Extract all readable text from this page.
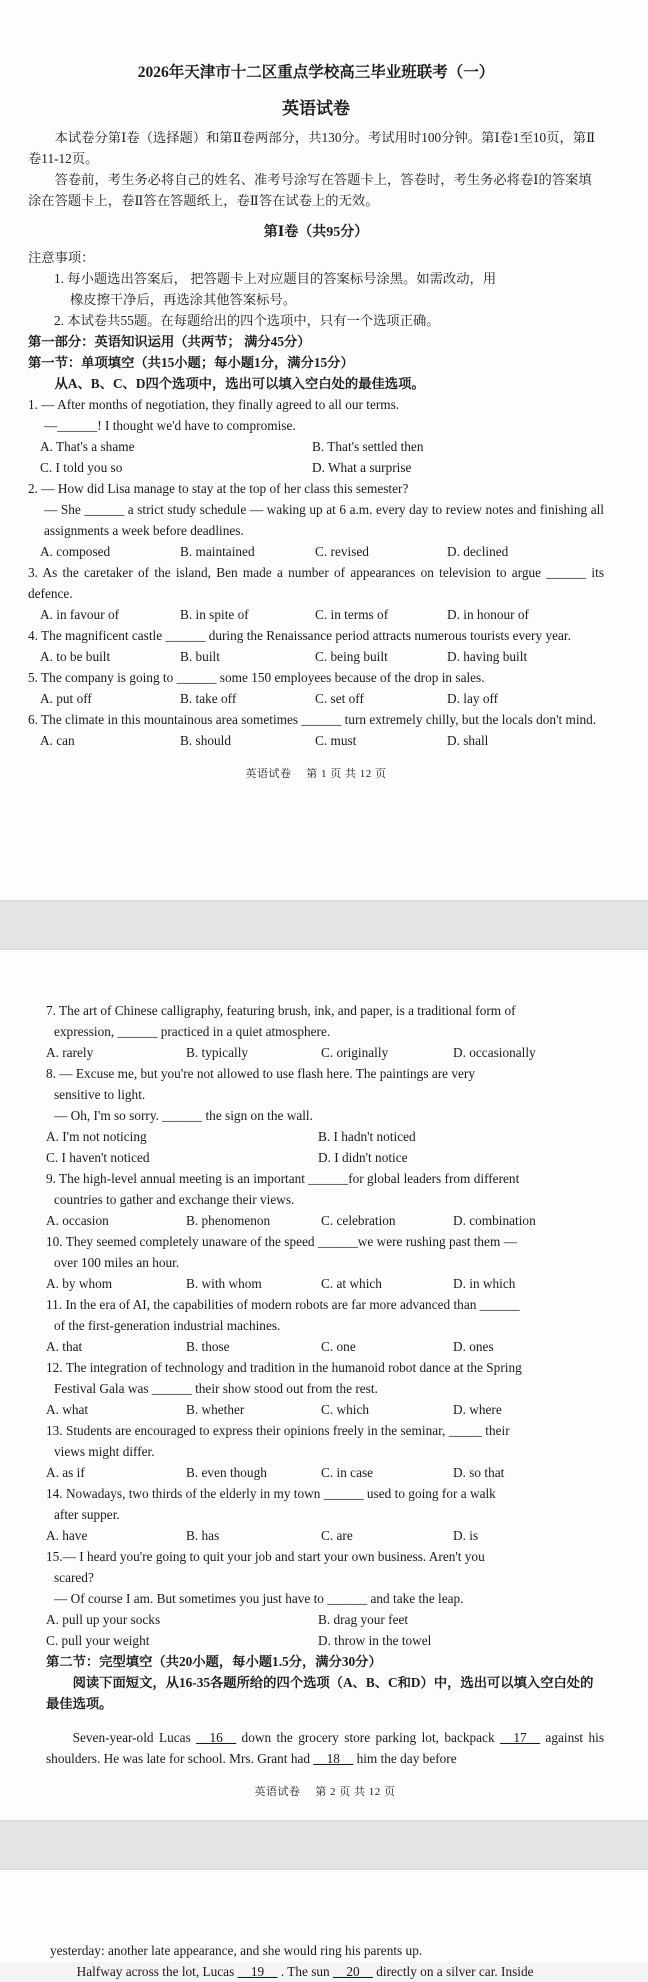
2026年天津市十二区重点学校高三毕业班联考（一）
英语试卷

本试卷分第Ⅰ卷（选择题）和第Ⅱ卷两部分，共130分。考试用时100分钟。第Ⅰ卷1至10页，第Ⅱ卷11-12页。

答卷前，考生务必将自己的姓名、准考号涂写在答题卡上，答卷时，考生务必将卷Ⅰ的答案填涂在答题卡上，卷Ⅱ答在答题纸上，卷Ⅱ答在试卷上的无效。

第Ⅰ卷（共95分）
注意事项：
1. 每小题选出答案后， 把答题卡上对应题目的答案标号涂黑。如需改动，用
橡皮擦干净后，再选涂其他答案标号。
2. 本试卷共55题。在每题给出的四个选项中，只有一个选项正确。
第一部分：英语知识运用（共两节； 满分45分）
第一节：单项填空（共15小题；每小题1分，满分15分）
从A、B、C、D四个选项中，选出可以填入空白处的最佳选项。

1. — After months of negotiation, they finally agreed to all our terms.

—______! I thought we'd have to compromise.

A. That's a shame	B. That's settled then
C. I told you so	D. What a surprise

2. — How did Lisa manage to stay at the top of her class this semester?

— She ______ a strict study schedule — waking up at 6 a.m. every day to review notes and finishing all assignments a week before deadlines.

A. composed	B. maintained	C. revised	D. declined

3. As the caretaker of the island, Ben made a number of appearances on television to argue ______ its defence.

A. in favour of	B. in spite of	C. in terms of	D. in honour of

4. The magnificent castle ______ during the Renaissance period attracts numerous tourists every year.

A. to be built	B. built	C. being built	D. having built

5. The company is going to ______ some 150 employees because of the drop in sales.

A. put off	B. take off	C. set off	D. lay off

6. The climate in this mountainous area sometimes ______ turn extremely chilly, but the locals don't mind.

A. can	B. should	C. must	D. shall
英语试卷　 第 1 页 共 12 页

7. The art of Chinese calligraphy, featuring brush, ink, and paper, is a traditional form of

expression, ______ practiced in a quiet atmosphere.

A. rarely	B. typically	C. originally	D. occasionally

8. — Excuse me, but you're not allowed to use flash here. The paintings are very

sensitive to light.

— Oh, I'm so sorry. ______ the sign on the wall.

A. I'm not noticing	B. I hadn't noticed
C. I haven't noticed	D. I didn't notice

9. The high-level annual meeting is an important ______for global leaders from different

countries to gather and exchange their views.

A. occasion	B. phenomenon	C. celebration	D. combination

10. They seemed completely unaware of the speed ______we were rushing past them —

over 100 miles an hour.

A. by whom	B. with whom	C. at which	D. in which

11. In the era of AI, the capabilities of modern robots are far more advanced than ______

of the first-generation industrial machines.

A. that	B. those	C. one	D. ones

12. The integration of technology and tradition in the humanoid robot dance at the Spring

Festival Gala was ______ their show stood out from the rest.

A. what	B. whether	C. which	D. where

13. Students are encouraged to express their opinions freely in the seminar, _____ their

views might differ.

A. as if	B. even though	C. in case	D. so that

14. Nowadays, two thirds of the elderly in my town ______ used to going for a walk

after supper.

A. have	B. has	C. are	D. is

15.— I heard you're going to quit your job and start your own business. Aren't you

scared?

— Of course I am. But sometimes you just have to ______ and take the leap.

A. pull up your socks	B. drag your feet
C. pull your weight	D. throw in the towel
第二节：完型填空（共20小题，每小题1.5分，满分30分）
阅读下面短文，从16-35各题所给的四个选项（A、B、C和D）中，选出可以填入空白处的最佳选项。

Seven-year-old Lucas __16__ down the grocery store parking lot, backpack __17__ against his shoulders. He was late for school. Mrs. Grant had __18__ him the day before

英语试卷　 第 2 页 共 12 页
yesterday: another late appearance, and she would ring his parents up.
Halfway across the lot, Lucas __19__ . The sun __20__ directly on a silver car. Inside
